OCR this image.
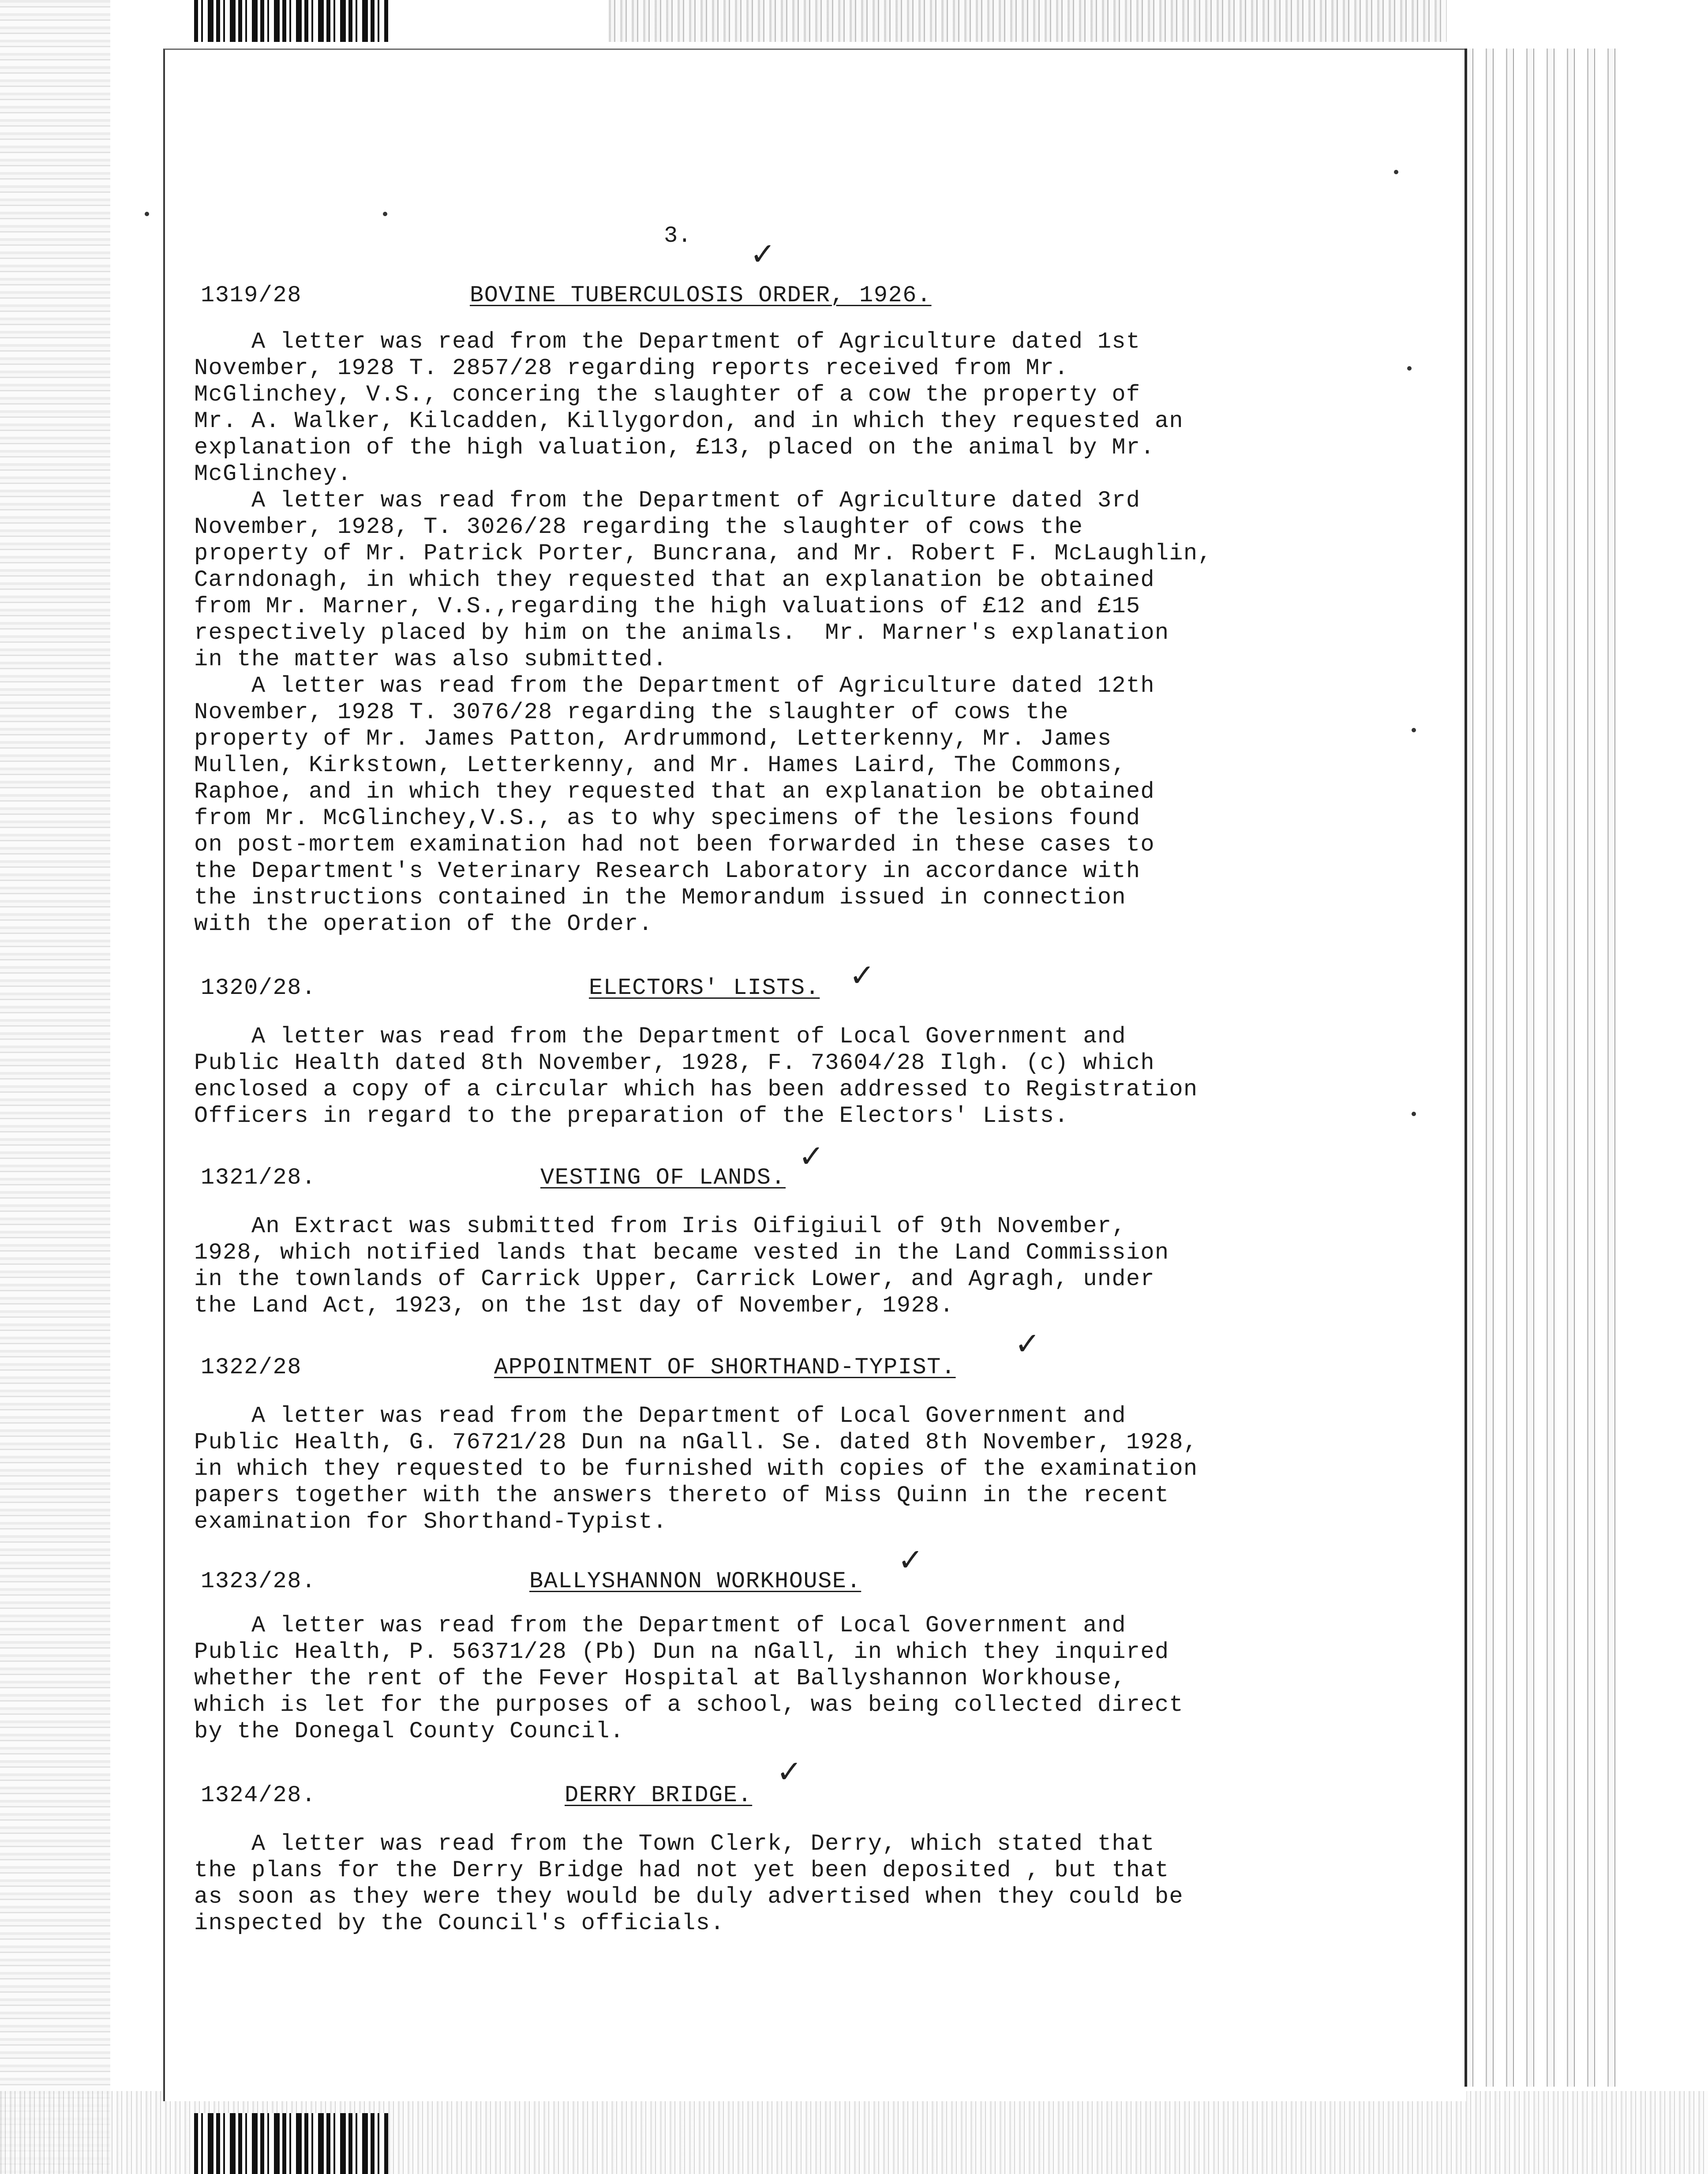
3.
✓
1319/28	BOVINE TUBERCULOSIS ORDER, 1926.
A letter was read from the Department of Agriculture dated 1st
November, 1928 T. 2857/28 regarding reports received from Mr.
McGlinchey, V.S., concering the slaughter of a cow the property of
Mr. A. Walker, Kilcadden, Killygordon, and in which they requested an
explanation of the high valuation, £13, placed on the animal by Mr.
McGlinchey.
A letter was read from the Department of Agriculture dated 3rd
November, 1928, T. 3026/28 regarding the slaughter of cows the
property of Mr. Patrick Porter, Buncrana, and Mr. Robert F. McLaughlin,
Carndonagh, in which they requested that an explanation be obtained
from Mr. Marner, V.S.,regarding the high valuations of £12 and £15
respectively placed by him on the animals.  Mr. Marner's explanation
in the matter was also submitted.
A letter was read from the Department of Agriculture dated 12th
November, 1928 T. 3076/28 regarding the slaughter of cows the
property of Mr. James Patton, Ardrummond, Letterkenny, Mr. James
Mullen, Kirkstown, Letterkenny, and Mr. Hames Laird, The Commons,
Raphoe, and in which they requested that an explanation be obtained
from Mr. McGlinchey,V.S., as to why specimens of the lesions found
on post-mortem examination had not been forwarded in these cases to
the Department's Veterinary Research Laboratory in accordance with
the instructions contained in the Memorandum issued in connection
with the operation of the Order.
1320/28.	ELECTORS' LISTS. ✓
A letter was read from the Department of Local Government and
Public Health dated 8th November, 1928, F. 73604/28 Ilgh. (c) which
enclosed a copy of a circular which has been addressed to Registration
Officers in regard to the preparation of the Electors' Lists.
1321/28.	VESTING OF LANDS.
✓
An Extract was submitted from Iris Oifigiuil of 9th November,
1928, which notified lands that became vested in the Land Commission
in the townlands of Carrick Upper, Carrick Lower, and Agragh, under
the Land Act, 1923, on the 1st day of November, 1928.
1322/28	APPOINTMENT OF SHORTHAND-TYPIST.
✓
A letter was read from the Department of Local Government and
Public Health, G. 76721/28 Dun na nGall. Se. dated 8th November, 1928,
in which they requested to be furnished with copies of the examination
papers together with the answers thereto of Miss Quinn in the recent
examination for Shorthand-Typist.
1323/28.	BALLYSHANNON WORKHOUSE.
✓
A letter was read from the Department of Local Government and
Public Health, P. 56371/28 (Pb) Dun na nGall, in which they inquired
whether the rent of the Fever Hospital at Ballyshannon Workhouse,
which is let for the purposes of a school, was being collected direct
by the Donegal County Council.
1324/28.	DERRY BRIDGE.
✓
A letter was read from the Town Clerk, Derry, which stated that
the plans for the Derry Bridge had not yet been deposited , but that
as soon as they were they would be duly advertised when they could be
inspected by the Council's officials.
